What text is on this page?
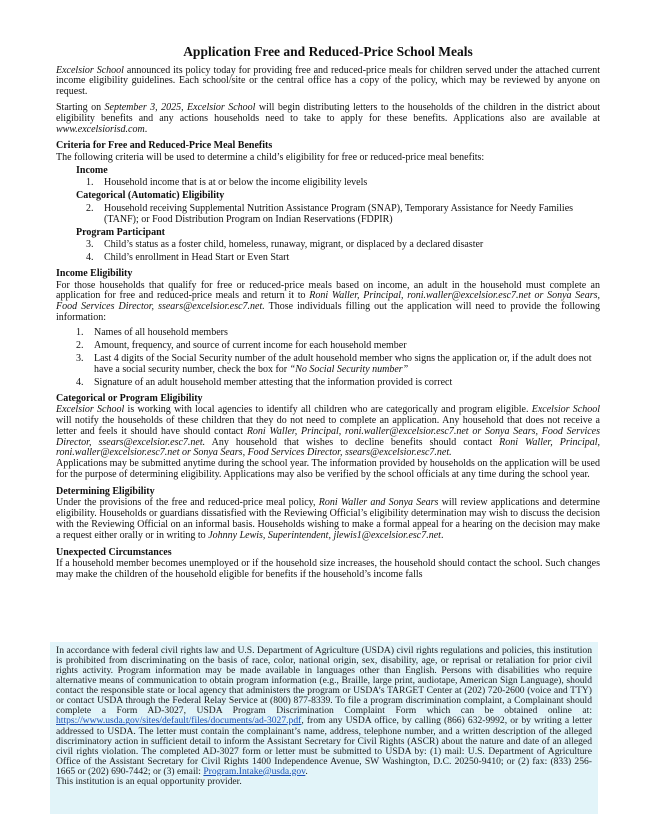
Application Free and Reduced-Price School Meals

Excelsior School announced its policy today for providing free and reduced-price meals for children served under the attached current income eligibility guidelines. Each school/site or the central office has a copy of the policy, which may be reviewed by anyone on request.

Starting on September 3, 2025, Excelsior School will begin distributing letters to the households of the children in the district about eligibility benefits and any actions households need to take to apply for these benefits. Applications also are available at www.excelsiorisd.com.

Criteria for Free and Reduced-Price Meal Benefits

The following criteria will be used to determine a child’s eligibility for free or reduced-price meal benefits:

Income
1. Household income that is at or below the income eligibility levels
Categorical (Automatic) Eligibility
2. Household receiving Supplemental Nutrition Assistance Program (SNAP), Temporary Assistance for Needy Families (TANF); or Food Distribution Program on Indian Reservations (FDPIR)
Program Participant
3. Child’s status as a foster child, homeless, runaway, migrant, or displaced by a declared disaster
4. Child’s enrollment in Head Start or Even Start
Income Eligibility

For those households that qualify for free or reduced-price meals based on income, an adult in the household must complete an application for free and reduced-price meals and return it to Roni Waller, Principal, roni.waller@excelsior.esc7.net or Sonya Sears, Food Services Director, ssears@excelsior.esc7.net. Those individuals filling out the application will need to provide the following information:

1. Names of all household members
2. Amount, frequency, and source of current income for each household member
3. Last 4 digits of the Social Security number of the adult household member who signs the application or, if the adult does not have a social security number, check the box for “No Social Security number”
4. Signature of an adult household member attesting that the information provided is correct
Categorical or Program Eligibility

Excelsior School is working with local agencies to identify all children who are categorically and program eligible. Excelsior School will notify the households of these children that they do not need to complete an application. Any household that does not receive a letter and feels it should have should contact Roni Waller, Principal, roni.waller@excelsior.esc7.net or Sonya Sears, Food Services Director, ssears@excelsior.esc7.net. Any household that wishes to decline benefits should contact Roni Waller, Principal, roni.waller@excelsior.esc7.net or Sonya Sears, Food Services Director, ssears@excelsior.esc7.net.

Applications may be submitted anytime during the school year. The information provided by households on the application will be used for the purpose of determining eligibility. Applications may also be verified by the school officials at any time during the school year.

Determining Eligibility

Under the provisions of the free and reduced-price meal policy, Roni Waller and Sonya Sears will review applications and determine eligibility. Households or guardians dissatisfied with the Reviewing Official’s eligibility determination may wish to discuss the decision with the Reviewing Official on an informal basis. Households wishing to make a formal appeal for a hearing on the decision may make a request either orally or in writing to Johnny Lewis, Superintendent, jlewis1@excelsior.esc7.net.

Unexpected Circumstances

If a household member becomes unemployed or if the household size increases, the household should contact the school. Such changes may make the children of the household eligible for benefits if the household’s income falls

In accordance with federal civil rights law and U.S. Department of Agriculture (USDA) civil rights regulations and policies, this institution is prohibited from discriminating on the basis of race, color, national origin, sex, disability, age, or reprisal or retaliation for prior civil rights activity. Program information may be made available in languages other than English. Persons with disabilities who require alternative means of communication to obtain program information (e.g., Braille, large print, audiotape, American Sign Language), should contact the responsible state or local agency that administers the program or USDA’s TARGET Center at (202) 720-2600 (voice and TTY) or contact USDA through the Federal Relay Service at (800) 877-8339. To file a program discrimination complaint, a Complainant should complete a Form AD-3027, USDA Program Discrimination Complaint Form which can be obtained online at: https://www.usda.gov/sites/default/files/documents/ad-3027.pdf, from any USDA office, by calling (866) 632-9992, or by writing a letter addressed to USDA. The letter must contain the complainant’s name, address, telephone number, and a written description of the alleged discriminatory action in sufficient detail to inform the Assistant Secretary for Civil Rights (ASCR) about the nature and date of an alleged civil rights violation. The completed AD-3027 form or letter must be submitted to USDA by: (1) mail: U.S. Department of Agriculture Office of the Assistant Secretary for Civil Rights 1400 Independence Avenue, SW Washington, D.C. 20250-9410; or (2) fax: (833) 256-1665 or (202) 690-7442; or (3) email: Program.Intake@usda.gov.

This institution is an equal opportunity provider.
